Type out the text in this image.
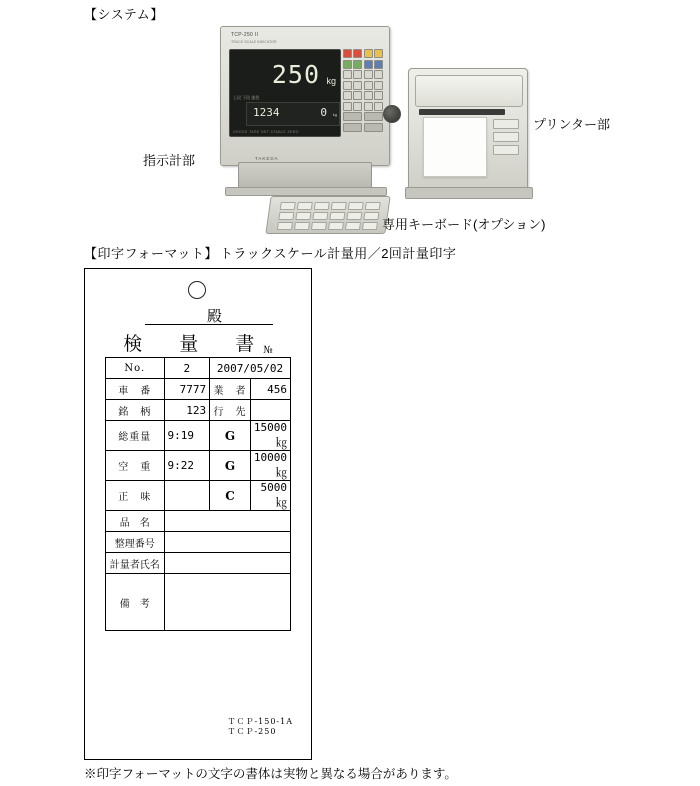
【システム】
TCP-250 II
TRUCK SCALE INDICATOR
250 kg
上段 下段 風袋
1234	0 kg
GROSS TARE NET STABLE ZERO
TAKEDA
指示計部
プリンター部
専用キーボード(オプション)
【印字フォーマット】 トラックスケール計量用／2回計量印字
殿
検　量　書№
No.	2	2007/05/02	
車　番	7777	業　者	456
銘　柄	123	行　先	
総重量	9:19	G	15000㎏
空　重	9:22	G	10000㎏
正　味		C	5000㎏
品　名			
整理番号			
計量者氏名			
備　考			
ＴＣＰ-150-1A
ＴＣＰ-250
※印字フォーマットの文字の書体は実物と異なる場合があります。
